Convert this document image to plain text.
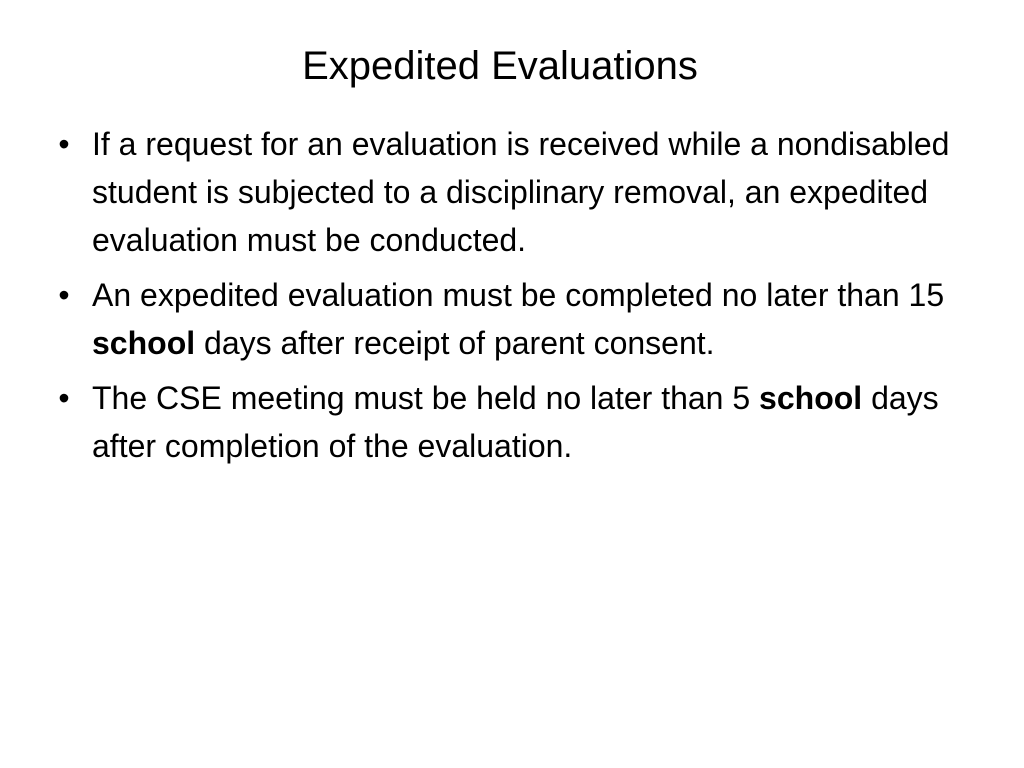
Expedited Evaluations
• If a request for an evaluation is received while a nondisabled student is subjected to a disciplinary removal, an expedited evaluation must be conducted.
• An expedited evaluation must be completed no later than 15 school days after receipt of parent consent.
• The CSE meeting must be held no later than 5 school days after completion of the evaluation.
